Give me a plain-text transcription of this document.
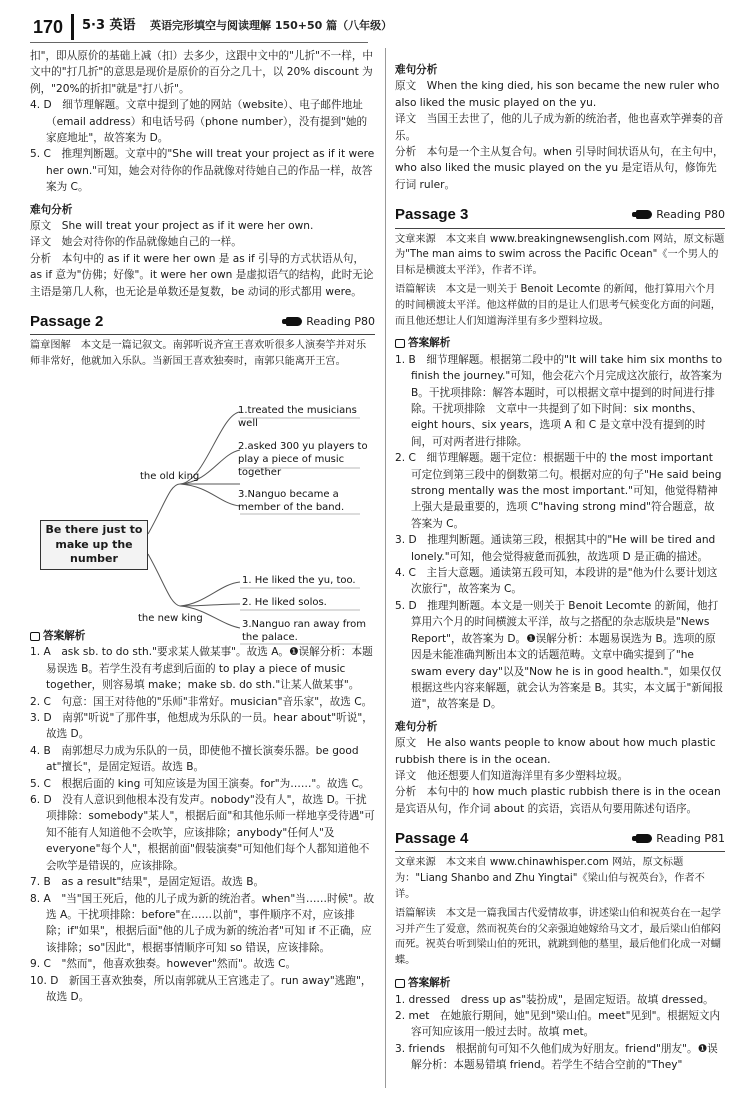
170 5·3 英语 英语完形填空与阅读理解 150+50 篇（八年级）

扣"，即从原价的基础上减（扣）去多少，这跟中文中的"儿折"不一样，中文中的"打几折"的意思是现价是原价的百分之几十，以 20% discount 为例，"20%的折扣"就是"打八折"。

4. D　细节理解题。文章中提到了她的网站（website）、电子邮件地址（email address）和电话号码（phone number），没有提到"她的家庭地址"，故答案为 D。

5. C　推理判断题。文章中的"She will treat your project as if it were her own."可知，她会对待你的作品就像对待她自己的作品一样，故答案为 C。

难句分析

原文　She will treat your project as if it were her own.

译文　她会对待你的作品就像她自己的一样。

分析　本句中的 as if it were her own 是 as if 引导的方式状语从句，as if 意为"仿佛；好像"。it were her own 是虚拟语气的结构，此时无论主语是第几人称，也无论是单数还是复数，be 动词的形式都用 were。

Passage 2	Reading P80

篇章图解　本文是一篇记叙文。南郭听说齐宣王喜欢听很多人演奏竽并对乐师非常好，他就加入乐队。当新国王喜欢独奏时，南郭只能离开王宫。

Be there just to make up the number
the old king
1.treated the musicians well
2.asked 300 yu players to play a piece of music together
3.Nanguo became a member of the band.
the new king
1. He liked the yu, too.
2. He liked solos.
3.Nanguo ran away from the palace.
答案解析

1. A　ask sb. to do sth."要求某人做某事"。故选 A。❶误解分析：本题易误选 B。若学生没有考虑到后面的 to play a piece of music together，则容易填 make；make sb. do sth."让某人做某事"。

2. C　句意：国王对待他的"乐师"非常好。musician"音乐家"，故选 C。

3. D　南郭"听说"了那件事，他想成为乐队的一员。hear about"听说"，故选 D。

4. B　南郭想尽力成为乐队的一员，即使他不擅长演奏乐器。be good at"擅长"，是固定短语。故选 B。

5. C　根据后面的 king 可知应该是为国王演奏。for"为……"。故选 C。

6. D　没有人意识到他根本没有发声。nobody"没有人"，故选 D。干扰项排除：somebody"某人"，根据后面"和其他乐师一样地享受待遇"可知不能有人知道他不会吹竽，应该排除；anybody"任何人"及 everyone"每个人"，根据前面"假装演奏"可知他们每个人都知道他不会吹竽是错误的，应该排除。

7. B　as a result"结果"，是固定短语。故选 B。

8. A　"当"国王死后，他的儿子成为新的统治者。when"当……时候"。故选 A。干扰项排除：before"在……以前"，事件顺序不对，应该排除；if"如果"，根据后面"他的儿子成为新的统治者"可知 if 不正确，应该排除；so"因此"，根据事情顺序可知 so 错误，应该排除。

9. C　"然而"，他喜欢独奏。however"然而"。故选 C。

10. D　新国王喜欢独奏，所以南郭就从王宫逃走了。run away"逃跑"，故选 D。

难句分析

原文　When the king died, his son became the new ruler who also liked the music played on the yu.

译文　当国王去世了，他的儿子成为新的统治者，他也喜欢竽弹奏的音乐。

分析　本句是一个主从复合句。when 引导时间状语从句，在主句中，who also liked the music played on the yu 是定语从句，修饰先行词 ruler。

Passage 3	Reading P80

文章来源　本文来自 www.breakingnewsenglish.com 网站，原文标题为"The man aims to swim across the Pacific Ocean"《一个男人的目标是横渡太平洋》，作者不详。

语篇解读　本文是一则关于 Benoit Lecomte 的新闻，他打算用六个月的时间横渡太平洋。他这样做的目的是让人们思考气候变化方面的问题，而且他还想让人们知道海洋里有多少塑料垃圾。

答案解析

1. B　细节理解题。根据第二段中的"It will take him six months to finish the journey."可知，他会花六个月完成这次旅行，故答案为 B。干扰项排除：解答本题时，可以根据文章中提到的时间进行排除。干扰项排除　文章中一共提到了如下时间：six months、eight hours、six years，选项 A 和 C 是文章中没有提到的时间，可对两者进行排除。

2. C　细节理解题。题干定位：根据题干中的 the most important 可定位到第三段中的倒数第二句。根据对应的句子"He said being strong mentally was the most important."可知，他觉得精神上强大是最重要的，选项 C"having strong mind"符合题意，故答案为 C。

3. D　推理判断题。通读第三段，根据其中的"He will be tired and lonely."可知，他会觉得疲惫而孤独，故选项 D 是正确的描述。

4. C　主旨大意题。通读第五段可知，本段讲的是"他为什么要计划这次旅行"，故答案为 C。

5. D　推理判断题。本文是一则关于 Benoit Lecomte 的新闻，他打算用六个月的时间横渡太平洋，故与之搭配的杂志版块是"News Report"，故答案为 D。❶误解分析：本题易误选为 B。选项的原因是未能准确判断出本文的话题范畴。文章中确实提到了"he swam every day"以及"Now he is in good health."，如果仅仅根据这些内容来解题，就会认为答案是 B。其实，本文属于"新闻报道"，故答案是 D。

难句分析

原文　He also wants people to know about how much plastic rubbish there is in the ocean.

译文　他还想要人们知道海洋里有多少塑料垃圾。

分析　本句中的 how much plastic rubbish there is in the ocean 是宾语从句，作介词 about 的宾语，宾语从句要用陈述句语序。

Passage 4	Reading P81

文章来源　本文来自 www.chinawhisper.com 网站，原文标题为："Liang Shanbo and Zhu Yingtai"《梁山伯与祝英台》，作者不详。

语篇解读　本文是一篇我国古代爱情故事，讲述梁山伯和祝英台在一起学习并产生了爱意，然而祝英台的父亲强迫她嫁给马文才，最后梁山伯郁闷而死。祝英台听到梁山伯的死讯，就跳到他的墓里，最后他们化成一对蝴蝶。

答案解析

1. dressed　dress up as"装扮成"，是固定短语。故填 dressed。

2. met　在她旅行期间，她"见到"梁山伯。meet"见到"。根据短文内容可知应该用一般过去时。故填 met。

3. friends　根据前句可知不久他们成为好朋友。friend"朋友"。❶误解分析：本题易错填 friend。若学生不结合空前的"They"
